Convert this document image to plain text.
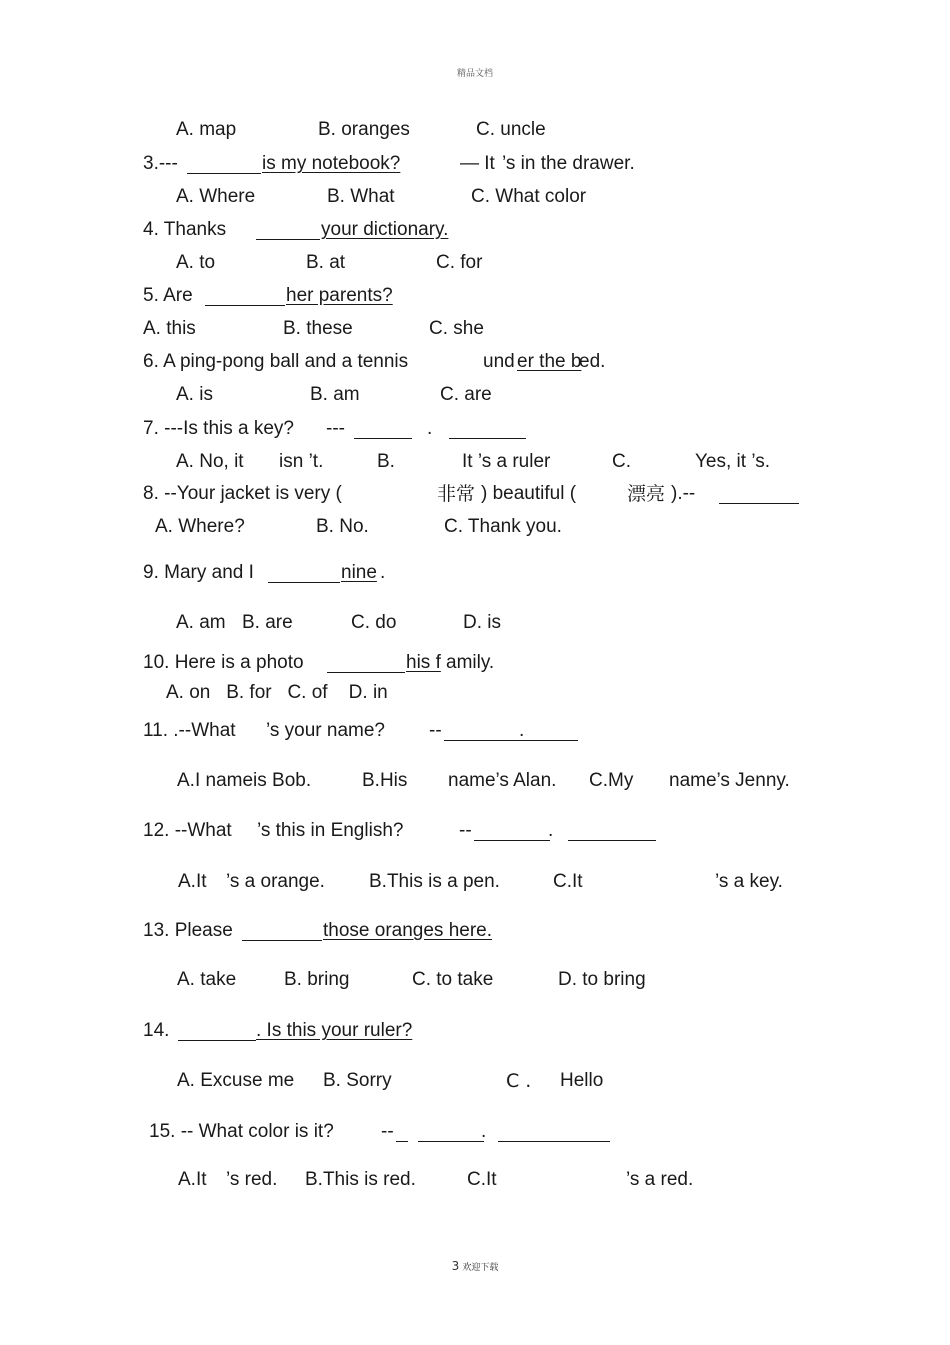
精品文档
A. map	B. oranges	C. uncle
3.---	is my notebook?	— It ’s in the drawer.
A. Where	B. What	C. What color
4. Thanks	your dictionary.
A. to	B. at	C. for
5. Are	her parents?
A. this	B. these	C. she
6. A ping-pong ball and a tennis	und er the b
ed.
A. is	B. am	C. are
7. ---Is this a key? ---	.
A. No, it isn ’t.	B.	It ’s a ruler	C.	Yes, it ’s.
8. --Your jacket is very (	非常 ) beautiful (	漂亮 ).--
A. Where?	B. No.	C. Thank you.
9. Mary and I	nine .
A. am B. are	C. do	D. is
10. Here is a photo	his f amily.
A. on   B. for   C. of    D. in
11. .--What ’s your name? --	.
A.I nameis Bob.	B.His name’s Alan. C.My name’s Jenny.
12. --What ’s this in English?	--	.
A.It ’s a orange. B.This is a pen.	C.It	’s a key.
13. Please	those oranges here.
A. take	B. bring	C. to take	D. to bring
14.	. Is this your ruler?
A. Excuse me B. Sorry	C . Hello
15. -- What color is it? --	.
A.It ’s red. B.This is red.	C.It	’s a red.
3 欢迎下载
